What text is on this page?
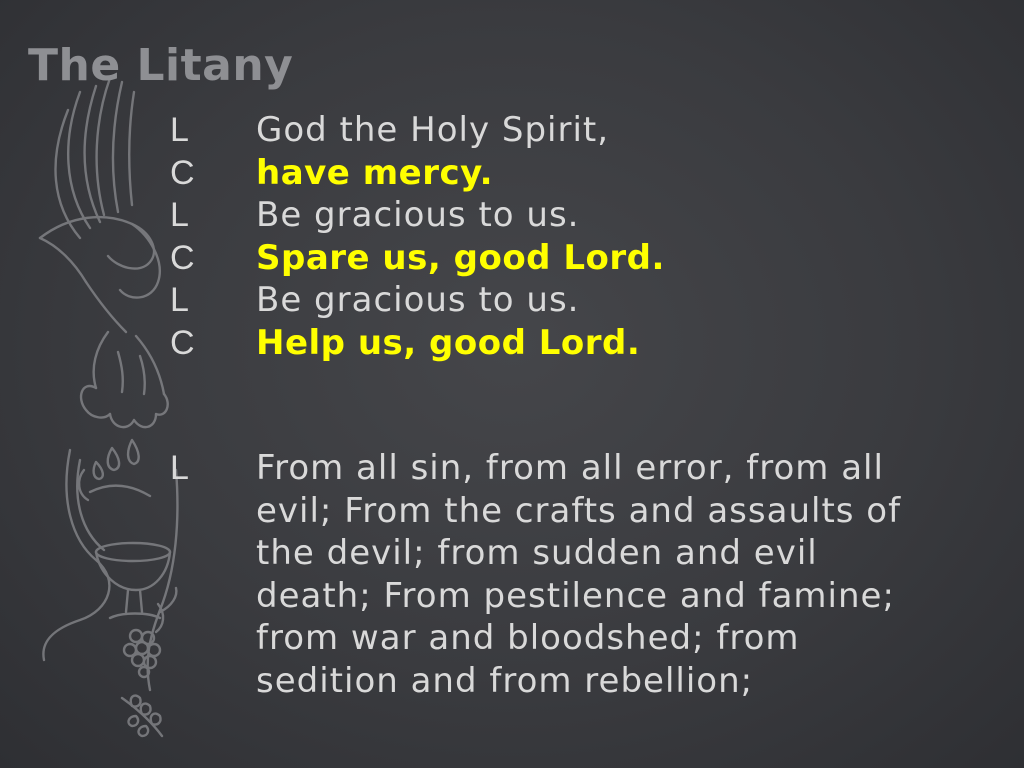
The Litany
L God the Holy Spirit,
C have mercy.
L Be gracious to us.
C Spare us, good Lord.
L Be gracious to us.
C Help us, good Lord.
L From all sin, from all error, from all
evil; From the crafts and assaults of
the devil; from sudden and evil
death; From pestilence and famine;
from war and bloodshed; from
sedition and from rebellion;
